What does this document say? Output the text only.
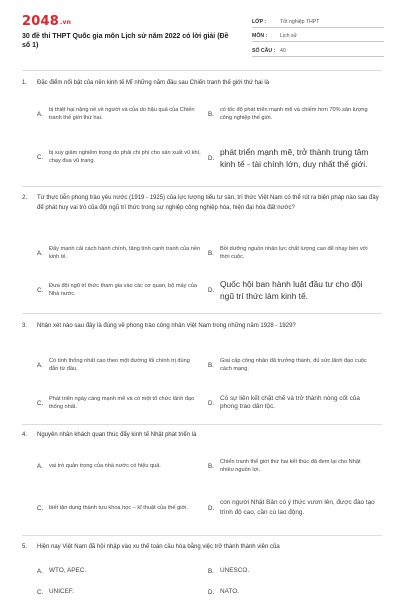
2048.vn
30 đề thi THPT Quốc gia môn Lịch sử năm 2022 có lời giải (Đề số 1)
LỚP :	Tốt nghiệp THPT
MÔN :	Lịch sử
SỐ CÂU : 40
1.	Đặc điểm nổi bật của nền kinh tế Mĩ những năm đầu sau Chiến tranh thế giới thứ hai là
A.
bị thiệt hại nặng nề về người và của do hậu quả của Chiến tranh thế giới thứ hai.
B.
có tốc độ phát triển mạnh mẽ và chiếm hơn 70% sản lượng công nghiệp thế giới.
C.
bị suy giảm nghiêm trọng do phải chi phí cho sản xuất vũ khí, chạy đua vũ trang.	D.
phát triển mạnh mẽ, trở thành trung tâm kinh tế - tài chính lớn, duy nhất thế giới.
2.	Từ thực tiễn phong trào yêu nước (1919 - 1925) của lực lượng tiểu tư sản, trí thức Việt Nam có thể rút ra biện pháp nào sau đây để phát huy vai trò của đội ngũ trí thức trong sự nghiệp công nghiệp hóa, hiện đại hóa đất nước?
A.
Đẩy mạnh cải cách hành chính, tăng tính cạnh tranh của nền kinh tế.
B.
Bồi dưỡng nguồn nhân lực chất lượng cao để nhạy bén với thời cuộc.
C.
Đưa đội ngũ trí thức tham gia vào các cơ quan, bộ máy của Nhà nước.
D.
Quốc hội ban hành luật đầu tư cho đội ngũ trí thức làm kinh tế.
3.	Nhận xét nào sau đây là đúng về phong trào công nhân Việt Nam trong những năm 1928 - 1929?
A.
Có tính thống nhất cao theo một đường lối chính trị đúng đắn từ đầu.
B.
Giai cấp công nhân đã trưởng thành, đủ sức lãnh đạo cuộc cách mạng.
C.
Phát triển ngày càng mạnh mẽ và có một tổ chức lãnh đạo thống nhất.
D.
Có sự liên kết chặt chẽ và trở thành nòng cốt của phong trào dân tộc.
4.	Nguyên nhân khách quan thúc đẩy kinh tế Nhật phát triển là
A.	vai trò quản trọng của nhà nước có hiệu quả.	B.
Chiến tranh thế giới thứ hai kết thúc đã đem lại cho Nhật nhiều nguồn lợi.
C.	biết tận dụng thành tựu khoa học – kĩ thuật của thế giới.	D.
con người Nhật Bản có ý thức vươn lên, được đào tạo trình độ cao, cần cù lao động.
5.	Hiện nay Việt Nam đã hội nhập vào xu thế toàn cầu hóa bằng việc trở thành thành viên của
A. WTO, APEC.	B. UNESCO.
C. UNICEF.	D. NATO.
